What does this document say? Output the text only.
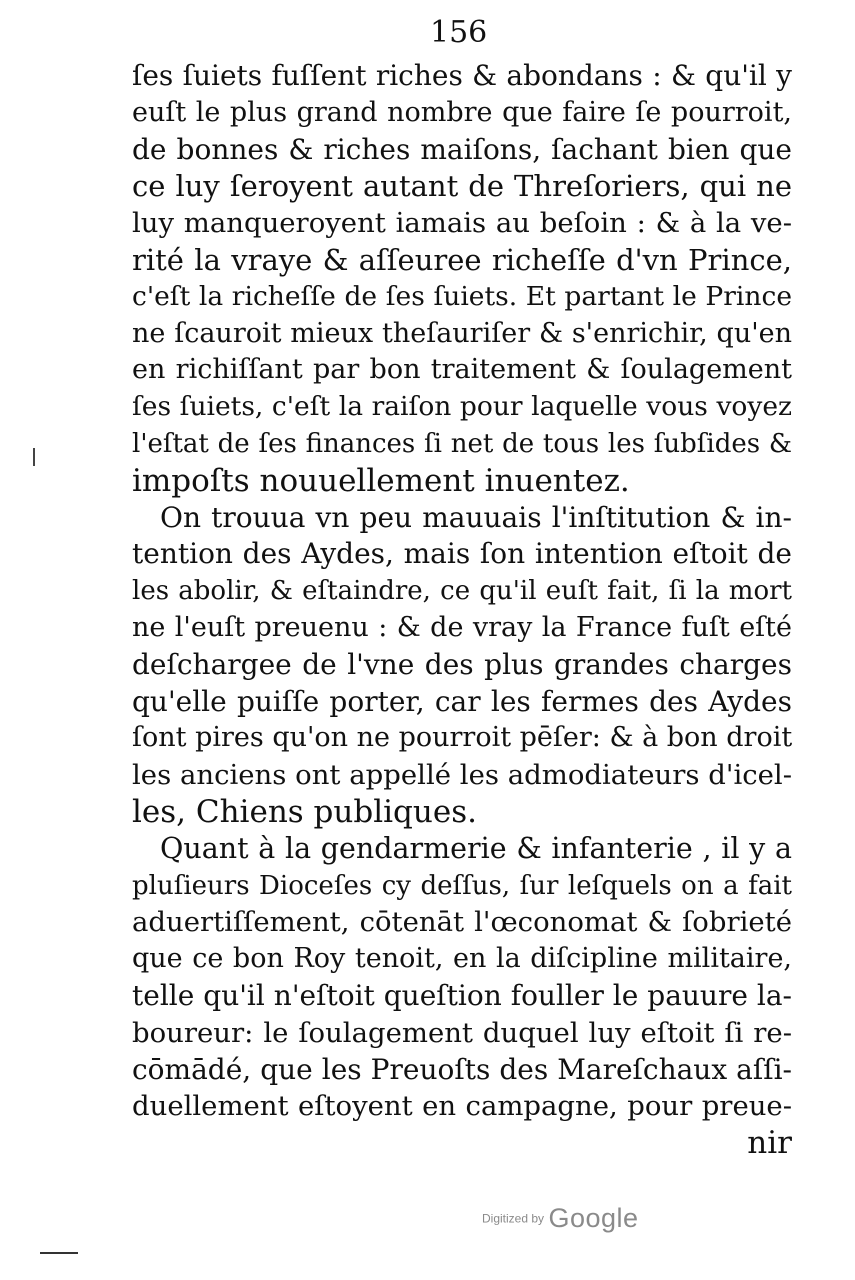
156
ſes ſuiets fuſſent riches & abondans : & qu'il y
euſt le plus grand nombre que faire ſe pourroit,
de bonnes & riches maiſons, ſachant bien que
ce luy ſeroyent autant de Threſoriers, qui ne
luy manqueroyent iamais au beſoin : & à la ve-
rité la vraye & aſſeuree richeſſe d'vn Prince,
c'eſt la richeſſe de ſes ſuiets. Et partant le Prince
ne ſcauroit mieux theſauriſer & s'enrichir, qu'en
en richiſſant par bon traitement & ſoulagement
ſes ſuiets, c'eſt la raiſon pour laquelle vous voyez
l'eſtat de ſes finances ſi net de tous les ſubſides &
impoſts nouuellement inuentez.
On trouua vn peu mauuais l'inſtitution & in-
tention des Aydes, mais ſon intention eſtoit de
les abolir, & eſtaindre, ce qu'il euſt fait, ſi la mort
ne l'euſt preuenu : & de vray la France fuſt eſté
deſchargee de l'vne des plus grandes charges
qu'elle puiſſe porter, car les fermes des Aydes
ſont pires qu'on ne pourroit pēſer: & à bon droit
les anciens ont appellé les admodiateurs d'icel-
les, Chiens publiques.
Quant à la gendarmerie & infanterie , il y a
pluſieurs Dioceſes cy deſſus, ſur leſquels on a fait
aduertiſſement, cōtenāt l'œconomat & ſobrieté
que ce bon Roy tenoit, en la diſcipline militaire,
telle qu'il n'eſtoit queſtion fouller le pauure la-
boureur: le ſoulagement duquel luy eſtoit ſi re-
cōmādé, que les Preuoſts des Mareſchaux aſſi-
duellement eſtoyent en campagne, pour preue-
nir
Digitized by Google
